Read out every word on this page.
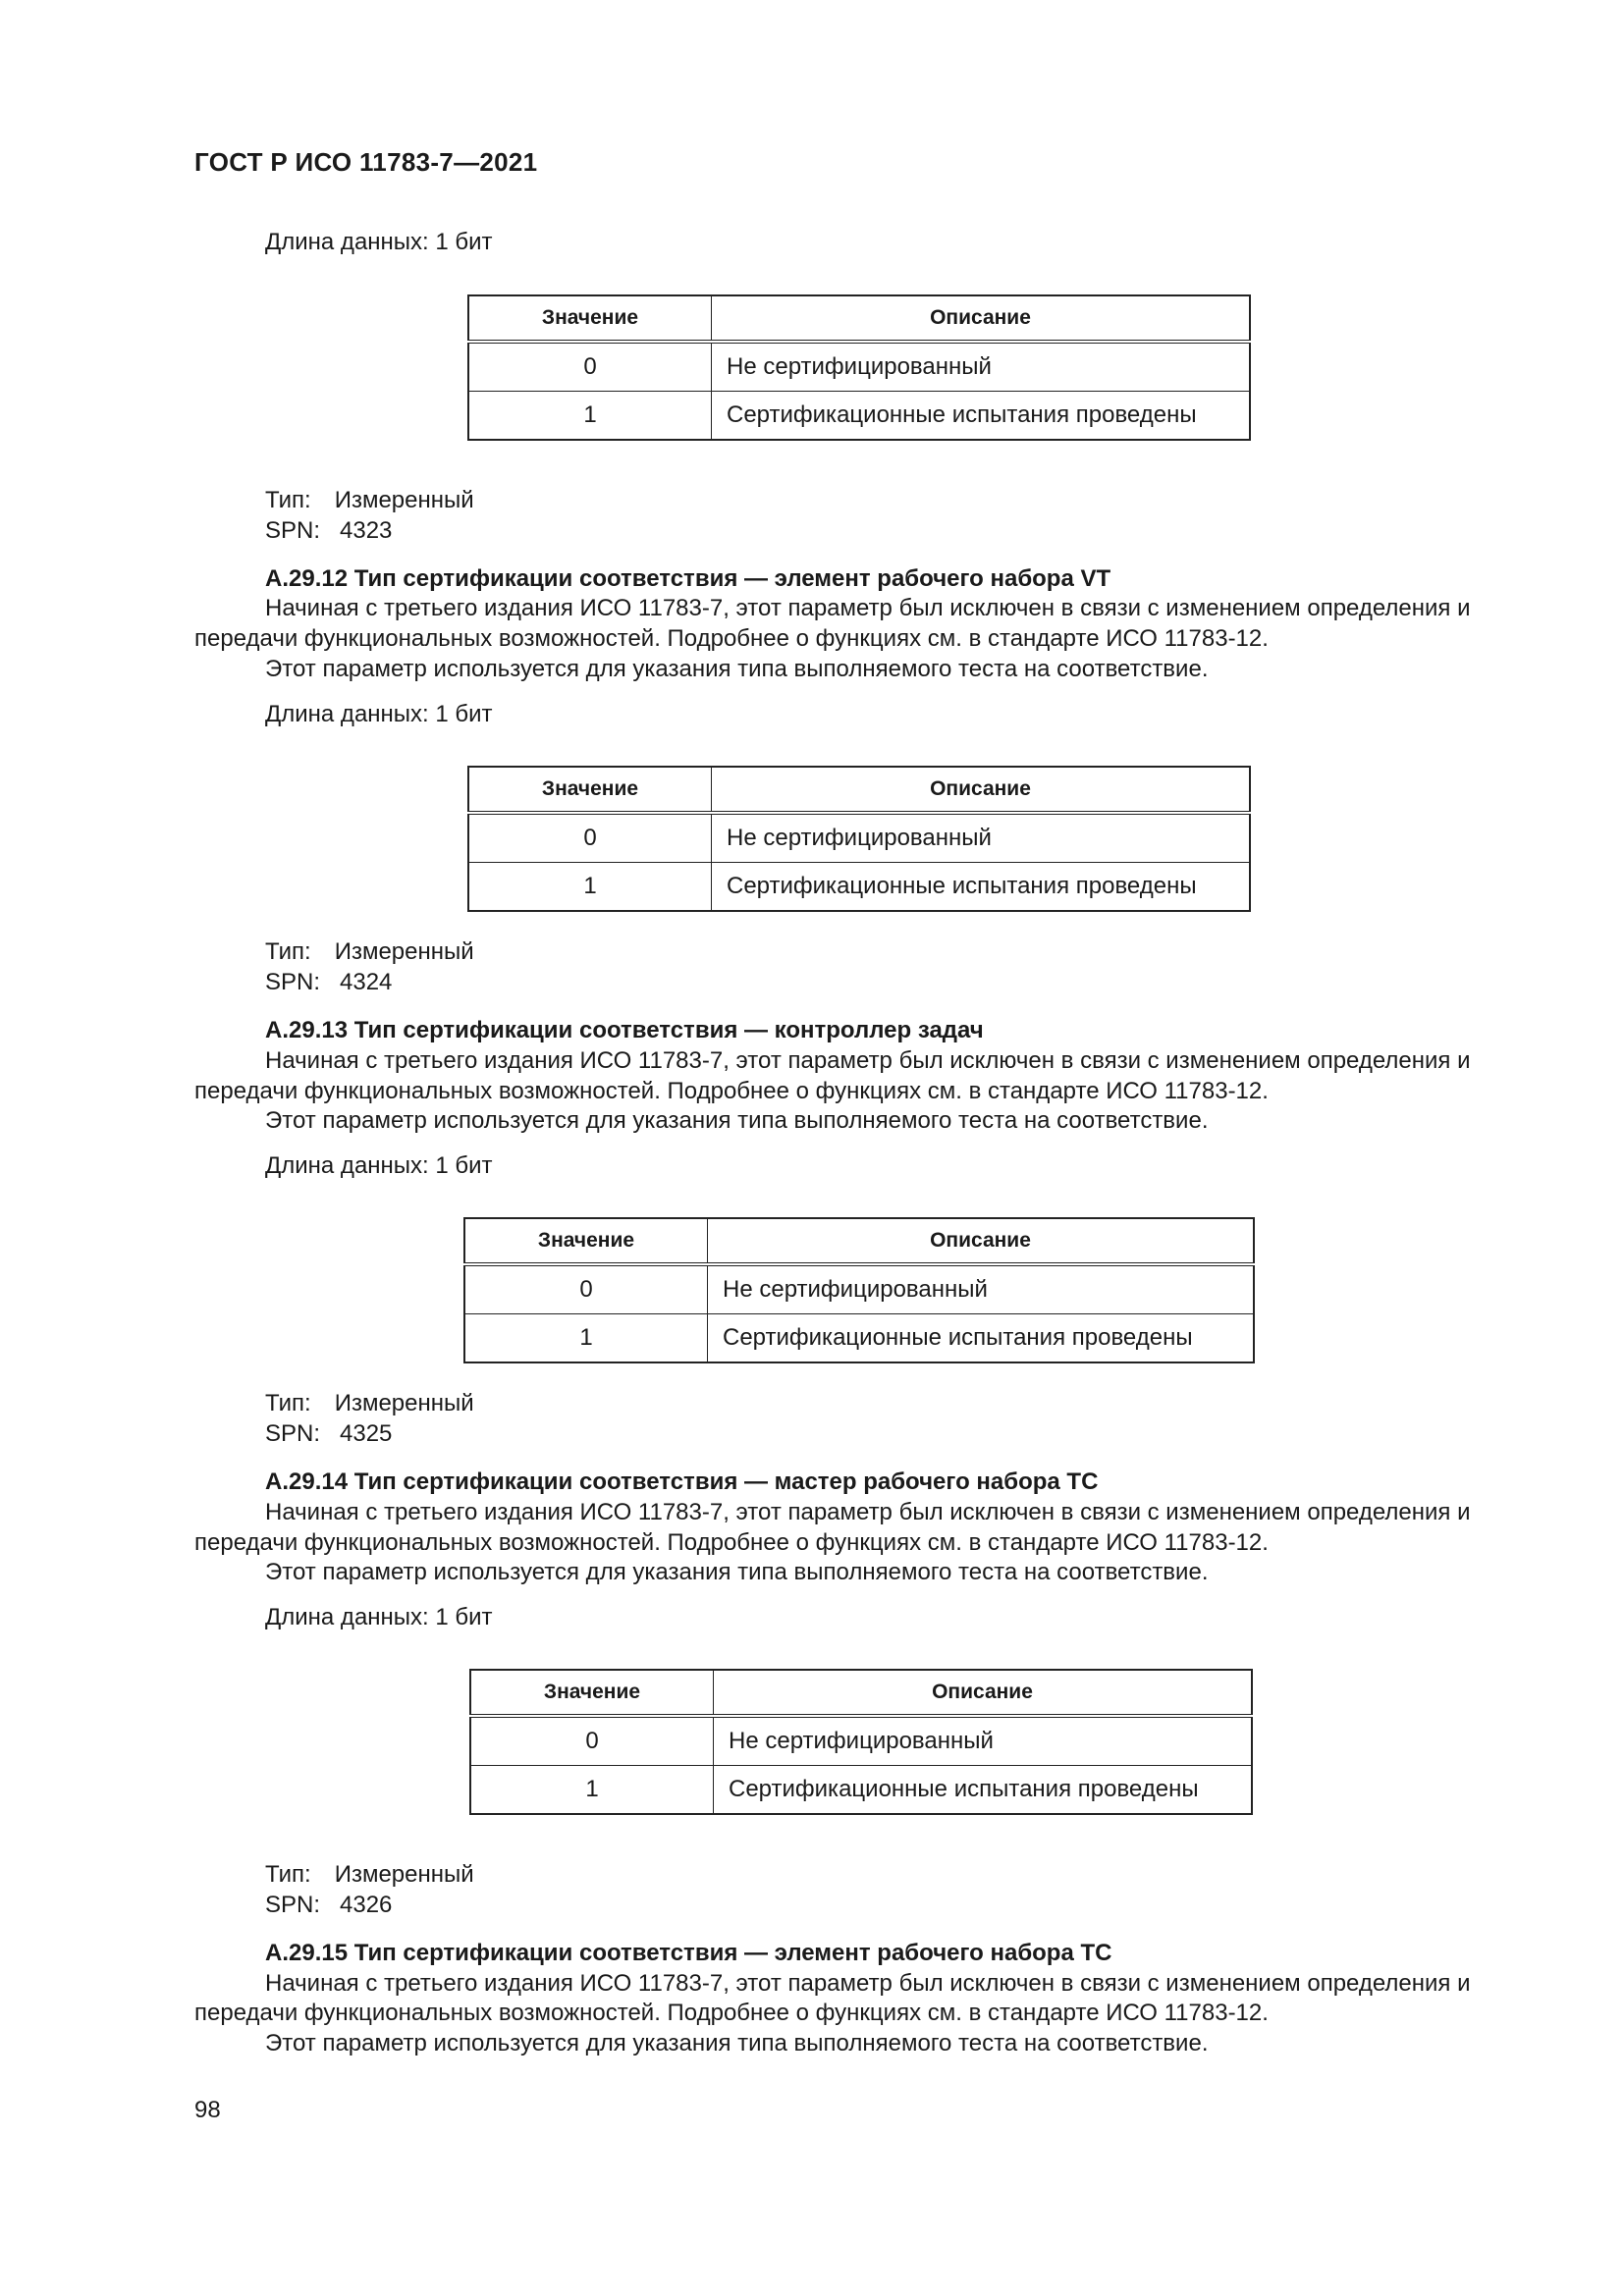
ГОСТ Р ИСО 11783-7—2021
Длина данных: 1 бит
Значение	Описание
0	Не сертифицированный
1	Сертификационные испытания проведены
Тип: Измеренный
SPN: 4323
A.29.12 Тип сертификации соответствия — элемент рабочего набора VT
Начиная с третьего издания ИСО 11783-7, этот параметр был исключен в связи с изменением определения и
передачи функциональных возможностей. Подробнее о функциях см. в стандарте ИСО 11783-12.
Этот параметр используется для указания типа выполняемого теста на соответствие.
Длина данных: 1 бит
Значение	Описание
0	Не сертифицированный
1	Сертификационные испытания проведены
Тип: Измеренный
SPN: 4324
A.29.13 Тип сертификации соответствия — контроллер задач
Начиная с третьего издания ИСО 11783-7, этот параметр был исключен в связи с изменением определения и
передачи функциональных возможностей. Подробнее о функциях см. в стандарте ИСО 11783-12.
Этот параметр используется для указания типа выполняемого теста на соответствие.
Длина данных: 1 бит
Значение	Описание
0	Не сертифицированный
1	Сертификационные испытания проведены
Тип: Измеренный
SPN: 4325
A.29.14 Тип сертификации соответствия — мастер рабочего набора TC
Начиная с третьего издания ИСО 11783-7, этот параметр был исключен в связи с изменением определения и
передачи функциональных возможностей. Подробнее о функциях см. в стандарте ИСО 11783-12.
Этот параметр используется для указания типа выполняемого теста на соответствие.
Длина данных: 1 бит
Значение	Описание
0	Не сертифицированный
1	Сертификационные испытания проведены
Тип: Измеренный
SPN: 4326
A.29.15 Тип сертификации соответствия — элемент рабочего набора TC
Начиная с третьего издания ИСО 11783-7, этот параметр был исключен в связи с изменением определения и
передачи функциональных возможностей. Подробнее о функциях см. в стандарте ИСО 11783-12.
Этот параметр используется для указания типа выполняемого теста на соответствие.
98
